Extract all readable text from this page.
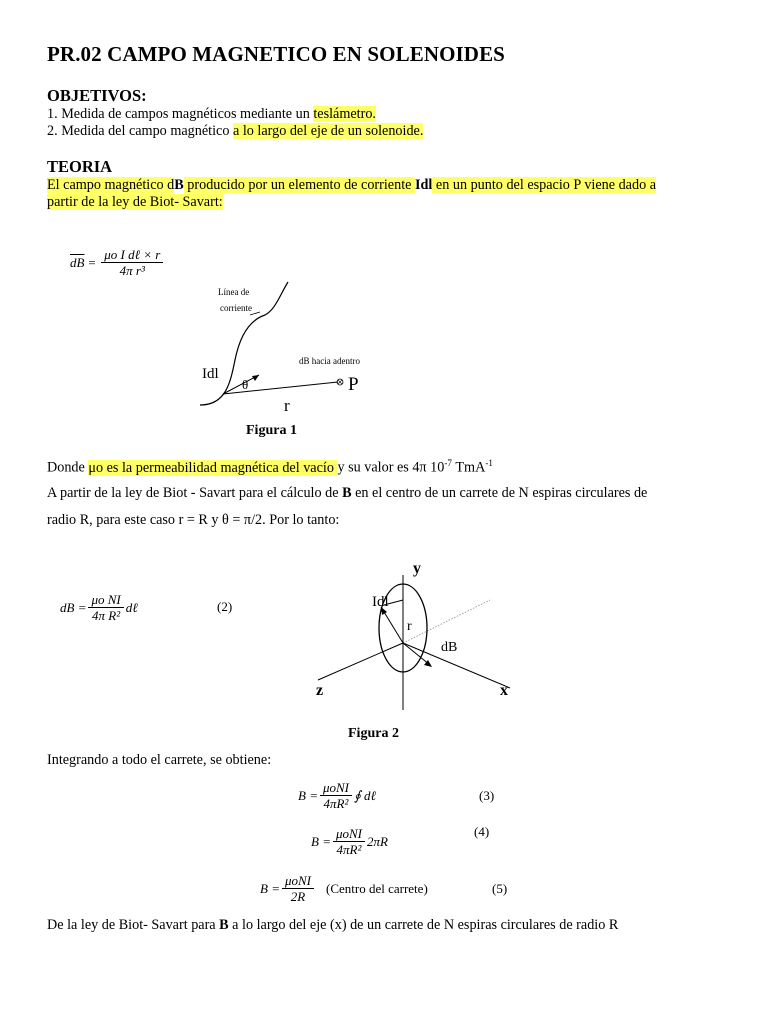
PR.02 CAMPO MAGNETICO EN SOLENOIDES
OBJETIVOS:
1. Medida de campos magnéticos mediante un teslámetro.
2. Medida del campo magnético a lo largo del eje de un solenoide.
TEORIA
El campo magnético dB producido por un elemento de corriente Idl en un punto del espacio P viene dado a
partir de la ley de Biot- Savart:
$\overline{dB} = \frac{\text{μo I dℓ × r}}{\text{4π r³}}$
Línea de
corriente
Idl
θ	P
r
dB hacia adentro
Figura 1
Donde μo es la permeabilidad magnética del vacío y su valor es 4π $10^{-7}$ TmA$^{-1}$
A partir de la ley de Biot - Savart para el cálculo de B en el centro de un carrete de N espiras circulares de
radio R, para este caso r = R y θ = π/2. Por lo tanto:
dB = $\frac{\text{μo NI}}{\text{4π R²}}$ dℓ	(2)
y
z	x
Idl
r
dB
Figura 2
Integrando a todo el carrete, se obtiene:
$B = \frac{\text{μoNI}}{\text{4πR²}}$ ∮ dℓ	(3)
$B = \frac{\text{μoNI}}{\text{4πR²}} 2\pi R$
(4)
$B = \frac{\text{μoNI}}{2R}$ (Centro del carrete)	(5)
De la ley de Biot- Savart para B a lo largo del eje (x) de un carrete de N espiras circulares de radio R
